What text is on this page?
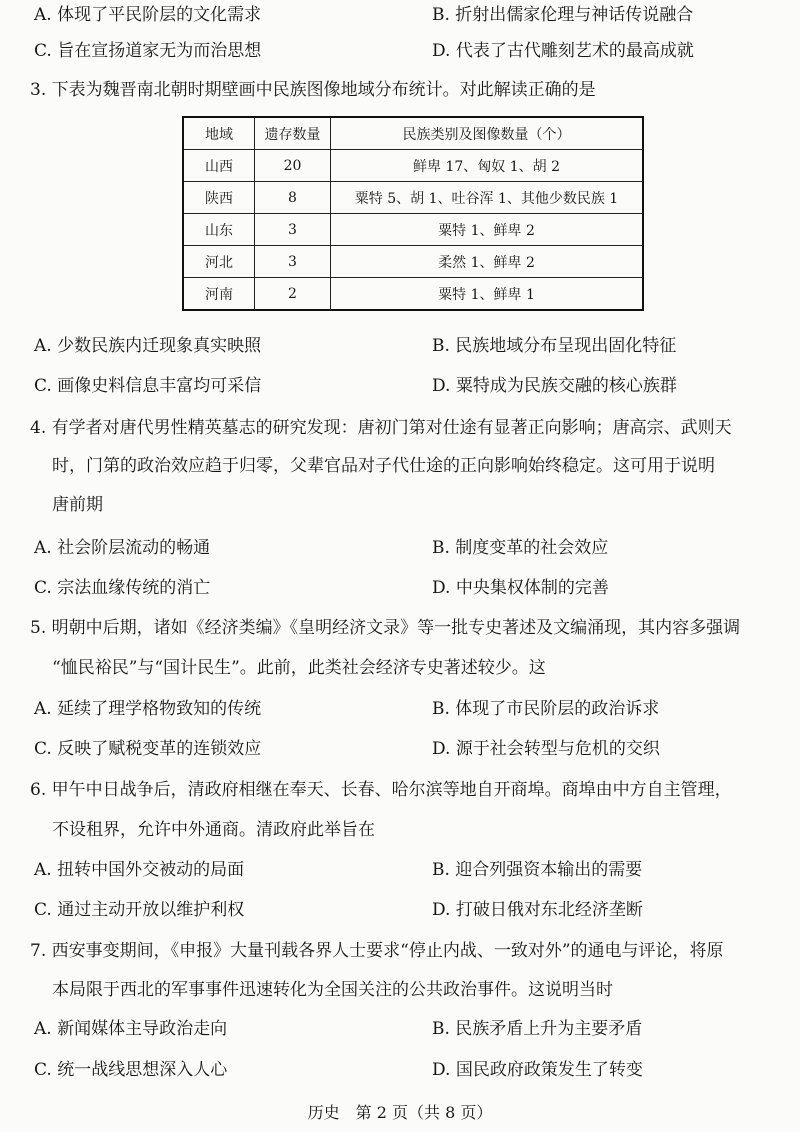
A. 体现了平民阶层的文化需求	B. 折射出儒家伦理与神话传说融合
C. 旨在宣扬道家无为而治思想	D. 代表了古代雕刻艺术的最高成就
3. 下表为魏晋南北朝时期壁画中民族图像地域分布统计。对此解读正确的是
地域	遗存数量	民族类别及图像数量（个）
山西	20	鲜卑 17、匈奴 1、胡 2
陕西	8	粟特 5、胡 1、吐谷浑 1、其他少数民族 1
山东	3	粟特 1、鲜卑 2
河北	3	柔然 1、鲜卑 2
河南	2	粟特 1、鲜卑 1
A. 少数民族内迁现象真实映照	B. 民族地域分布呈现出固化特征
C. 画像史料信息丰富均可采信	D. 粟特成为民族交融的核心族群
4. 有学者对唐代男性精英墓志的研究发现：唐初门第对仕途有显著正向影响；唐高宗、武则天
时，门第的政治效应趋于归零，父辈官品对子代仕途的正向影响始终稳定。这可用于说明
唐前期
A. 社会阶层流动的畅通	B. 制度变革的社会效应
C. 宗法血缘传统的消亡	D. 中央集权体制的完善
5. 明朝中后期，诸如《经济类编》《皇明经济文录》等一批专史著述及文编涌现，其内容多强调
“恤民裕民”与“国计民生”。此前，此类社会经济专史著述较少。这
A. 延续了理学格物致知的传统	B. 体现了市民阶层的政治诉求
C. 反映了赋税变革的连锁效应	D. 源于社会转型与危机的交织
6. 甲午中日战争后，清政府相继在奉天、长春、哈尔滨等地自开商埠。商埠由中方自主管理，
不设租界，允许中外通商。清政府此举旨在
A. 扭转中国外交被动的局面	B. 迎合列强资本输出的需要
C. 通过主动开放以维护利权	D. 打破日俄对东北经济垄断
7. 西安事变期间，《申报》大量刊载各界人士要求“停止内战、一致对外”的通电与评论，将原
本局限于西北的军事事件迅速转化为全国关注的公共政治事件。这说明当时
A. 新闻媒体主导政治走向	B. 民族矛盾上升为主要矛盾
C. 统一战线思想深入人心	D. 国民政府政策发生了转变
历史　第 2 页（共 8 页）
